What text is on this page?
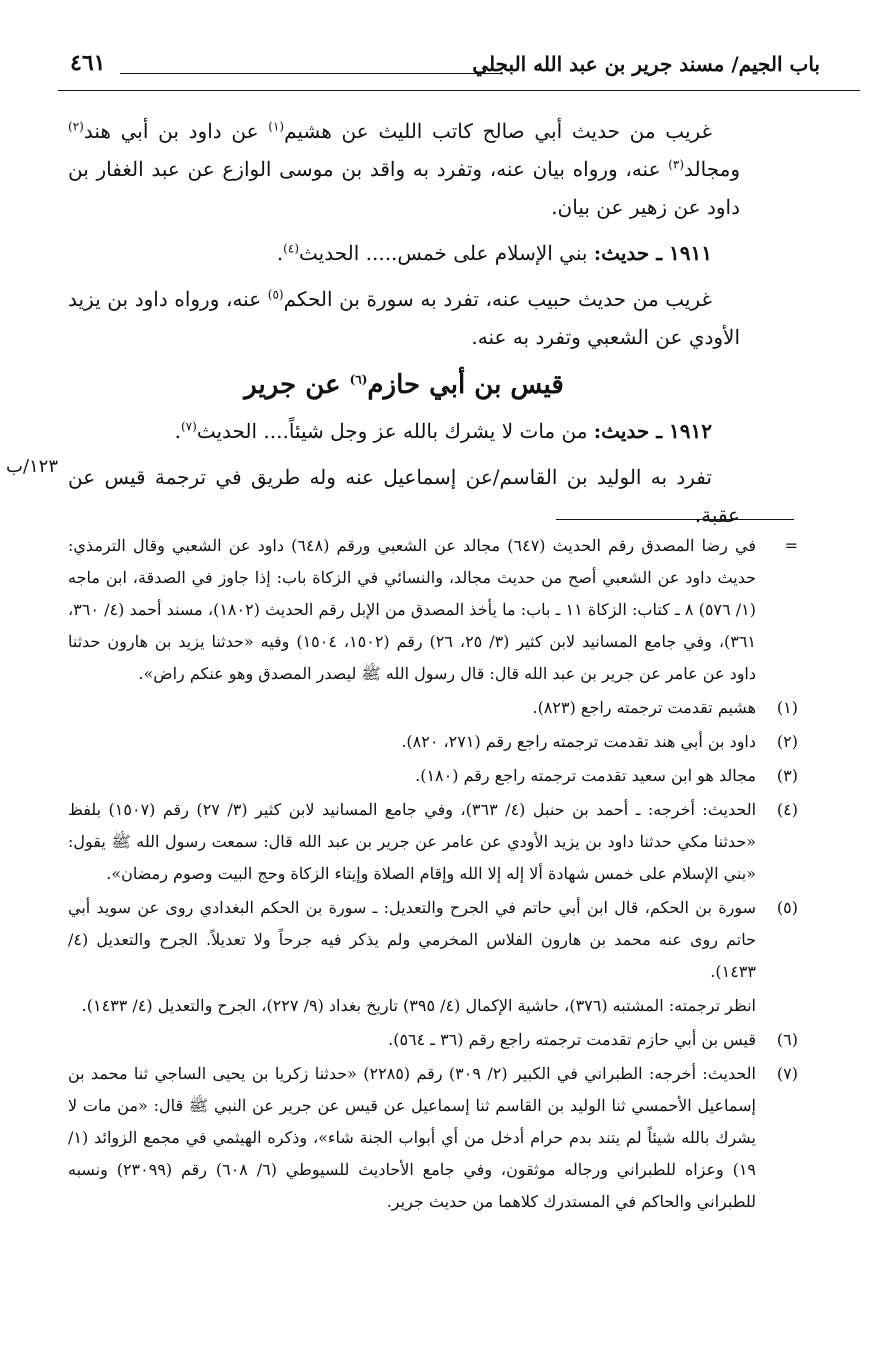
باب الجيم/ مسند جرير بن عبد الله البجلي
٤٦١

غريب من حديث أبي صالح كاتب الليث عن هشيم$^{(١)}$ عن داود بن أبي هند$^{(٢)}$ ومجالد$^{(٣)}$ عنه، ورواه بيان عنه، وتفرد به واقد بن موسى الوازع عن عبد الغفار بن داود عن زهير عن بيان.

١٩١١ ـ حديث: بني الإسلام على خمس..... الحديث$^{(٤)}$.

غريب من حديث حبيب عنه، تفرد به سورة بن الحكم$^{(٥)}$ عنه، ورواه داود بن يزيد الأودي عن الشعبي وتفرد به عنه.

قيس بن أبي حازم$^{(٦)}$ عن جرير

١٩١٢ ـ حديث: من مات لا يشرك بالله عز وجل شيئاً.... الحديث$^{(٧)}$.

تفرد به الوليد بن القاسم/عن إسماعيل عنه وله طريق في ترجمة قيس عن عقبة.

١٢٣/ب
=
في رضا المصدق رقم الحديث (٦٤٧) مجالد عن الشعبي ورقم (٦٤٨) داود عن الشعبي وقال الترمذي: حديث داود عن الشعبي أصح من حديث مجالد، والنسائي في الزكاة باب: إذا جاوز في الصدقة، ابن ماجه (١/ ٥٧٦) ٨ ـ كتاب: الزكاة ١١ ـ باب: ما يأخذ المصدق من الإبل رقم الحديث (١٨٠٢)، مسند أحمد (٤/ ٣٦٠، ٣٦١)، وفي جامع المسانيد لابن كثير (٣/ ٢٥، ٢٦) رقم (١٥٠٢، ١٥٠٤) وفيه «حدثنا يزيد بن هارون حدثنا داود عن عامر عن جرير بن عبد الله قال: قال رسول الله ﷺ ليصدر المصدق وهو عنكم راض».
(١)
هشيم تقدمت ترجمته راجع (٨٢٣).
(٢)
داود بن أبي هند تقدمت ترجمته راجع رقم (٢٧١، ٨٢٠).
(٣)
مجالد هو ابن سعيد تقدمت ترجمته راجع رقم (١٨٠).
(٤)
الحديث: أخرجه: ـ أحمد بن حنبل (٤/ ٣٦٣)، وفي جامع المسانيد لابن كثير (٣/ ٢٧) رقم (١٥٠٧) بلفظ «حدثنا مكي حدثنا داود بن يزيد الأودي عن عامر عن جرير بن عبد الله قال: سمعت رسول الله ﷺ يقول: «بني الإسلام على خمس شهادة ألا إله إلا الله وإقام الصلاة وإيتاء الزكاة وحج البيت وصوم رمضان».
(٥)
سورة بن الحكم، قال ابن أبي حاتم في الجرح والتعديل: ـ سورة بن الحكم البغدادي روى عن سويد أبي حاتم روى عنه محمد بن هارون الفلاس المخرمي ولم يذكر فيه جرحاً ولا تعديلاً. الجرح والتعديل (٤/ ١٤٣٣).
انظر ترجمته: المشتبه (٣٧٦)، حاشية الإكمال (٤/ ٣٩٥) تاريخ بغداد (٩/ ٢٢٧)، الجرح والتعديل (٤/ ١٤٣٣).
(٦)
قيس بن أبي حازم تقدمت ترجمته راجع رقم (٣٦ ـ ٥٦٤).
(٧)
الحديث: أخرجه: الطبراني في الكبير (٢/ ٣٠٩) رقم (٢٢٨٥) «حدثنا زكريا بن يحيى الساجي ثنا محمد بن إسماعيل الأحمسي ثنا الوليد بن القاسم ثنا إسماعيل عن قيس عن جرير عن النبي ﷺ قال: «من مات لا يشرك بالله شيئاً لم يتند بدم حرام أدخل من أي أبواب الجنة شاء»، وذكره الهيثمي في مجمع الزوائد (١/ ١٩) وعزاه للطبراني ورجاله موثقون، وفي جامع الأحاديث للسيوطي (٦/ ٦٠٨) رقم (٢٣٠٩٩) ونسبه للطبراني والحاكم في المستدرك كلاهما من حديث جرير.
